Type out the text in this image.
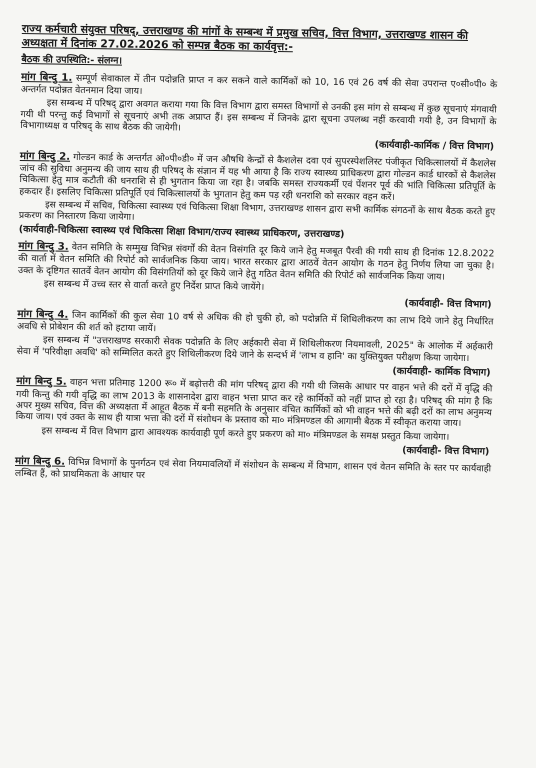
राज्य कर्मचारी संयुक्त परिषद्, उत्तराखण्ड की मांगों के सम्बन्ध में प्रमुख सचिव, वित्त विभाग, उत्तराखण्ड शासन की अध्यक्षता में दिनांक 27.02.2026 को सम्पन्न बैठक का कार्यवृत्त:-
बैठक की उपस्थिति:- संलग्न।

मांग बिन्दु 1. सम्पूर्ण सेवाकाल में तीन पदोन्नति प्राप्त न कर सकने वाले कार्मिकों को 10, 16 एवं 26 वर्ष की सेवा उपरान्त ए०सी०पी० के अन्तर्गत पदोन्नत वेतनमान दिया जाय।

इस सम्बन्ध में परिषद् द्वारा अवगत कराया गया कि वित्त विभाग द्वारा समस्त विभागों से उनकी इस मांग से सम्बन्ध में कुछ सूचनाएं मंगवायी गयी थी परन्तु कई विभागों से सूचनाएं अभी तक अप्राप्त हैं। इस सम्बन्ध में जिनके द्वारा सूचना उपलब्ध नहीं करवायी गयी है, उन विभागों के विभागाध्यक्ष व परिषद् के साथ बैठक की जायेगी।

(कार्यवाही-कार्मिक / वित्त विभाग)

मांग बिन्दु 2. गोल्डन कार्ड के अन्तर्गत ओ०पी०डी० में जन औषधि केन्द्रों से कैशलेस दवा एवं सुपरस्पेशलिस्ट पंजीकृत चिकित्सालयों में कैशलेस जांच की सुविधा अनुमन्य की जाय साथ ही परिषद् के संज्ञान में यह भी आया है कि राज्य स्वास्थ्य प्राधिकरण द्वारा गोल्डन कार्ड धारकों से कैशलेस चिकित्सा हेतु मात्र कटौती की धनराशि से ही भुगतान किया जा रहा है। जबकि समस्त राज्यकर्मी एवं पेंशनर पूर्व की भांति चिकित्सा प्रतिपूर्ति के हकदार हैं। इसलिए चिकित्सा प्रतिपूर्ति एवं चिकित्सालयों के भुगतान हेतु कम पड़ रही धनराशि को सरकार वहन करें।

इस सम्बन्ध में सचिव, चिकित्सा स्वास्थ्य एवं चिकित्सा शिक्षा विभाग, उत्तराखण्ड शासन द्वारा सभी कार्मिक संगठनों के साथ बैठक करते हुए प्रकरण का निस्तारण किया जायेगा।

(कार्यवाही-चिकित्सा स्वास्थ्य एवं चिकित्सा शिक्षा विभाग/राज्य स्वास्थ्य प्राधिकरण, उत्तराखण्ड)

मांग बिन्दु 3. वेतन समिति के सम्मुख विभिन्न संवर्गों की वेतन विसंगति दूर किये जाने हेतु मजबूत पैरवी की गयी साथ ही दिनांक 12.8.2022 की वार्ता में वेतन समिति की रिपोर्ट को सार्वजनिक किया जाय। भारत सरकार द्वारा आठवें वेतन आयोग के गठन हेतु निर्णय लिया जा चुका है। उक्त के दृष्टिगत सातवें वेतन आयोग की विसंगतियों को दूर किये जाने हेतु गठित वेतन समिति की रिपोर्ट को सार्वजनिक किया जाय।

इस सम्बन्ध में उच्च स्तर से वार्ता करते हुए निर्देश प्राप्त किये जायेंगे।

(कार्यवाही- वित्त विभाग)

मांग बिन्दु 4. जिन कार्मिकों की कुल सेवा 10 वर्ष से अधिक की हो चुकी हो, को पदोन्नति में शिथिलीकरण का लाभ दिये जाने हेतु निर्धारित अवधि से प्रोबेशन की शर्त को हटाया जायें।

इस सम्बन्ध में "उत्तराखण्ड सरकारी सेवक पदोन्नति के लिए अर्हकारी सेवा में शिथिलीकरण नियमावली, 2025" के आलोक में अर्हकारी सेवा में 'परिवीक्षा अवधि' को सम्मिलित करते हुए शिथिलीकरण दिये जाने के सन्दर्भ में 'लाभ व हानि' का युक्तियुक्त परीक्षण किया जायेगा।

(कार्यवाही- कार्मिक विभाग)

मांग बिन्दु 5. वाहन भत्ता प्रतिमाह 1200 रू० में बढ़ोत्तरी की मांग परिषद् द्वारा की गयी थी जिसके आधार पर वाहन भत्ते की दरों में वृद्धि की गयी किन्तु की गयी वृद्धि का लाभ 2013 के शासनादेश द्वारा वाहन भत्ता प्राप्त कर रहे कार्मिकों को नहीं प्राप्त हो रहा है। परिषद् की मांग है कि अपर मुख्य सचिव, वित्त की अध्यक्षता में आहूत बैठक में बनी सहमति के अनुसार वंचित कार्मिकों को भी वाहन भत्ते की बढ़ी दरों का लाभ अनुमन्य किया जाय। एवं उक्त के साथ ही यात्रा भत्ता की दरों में संशोधन के प्रस्ताव को मा० मंत्रिमण्डल की आगामी बैठक में स्वीकृत कराया जाय।

इस सम्बन्ध में वित्त विभाग द्वारा आवश्यक कार्यवाही पूर्ण करते हुए प्रकरण को मा० मंत्रिमण्डल के समक्ष प्रस्तुत किया जायेगा।

(कार्यवाही- वित्त विभाग)

मांग बिन्दु 6. विभिन्न विभागों के पुनर्गठन एवं सेवा नियमावलियों में संशोधन के सम्बन्ध में विभाग, शासन एवं वेतन समिति के स्तर पर कार्यवाही लम्बित हैं, को प्राथमिकता के आधार पर
